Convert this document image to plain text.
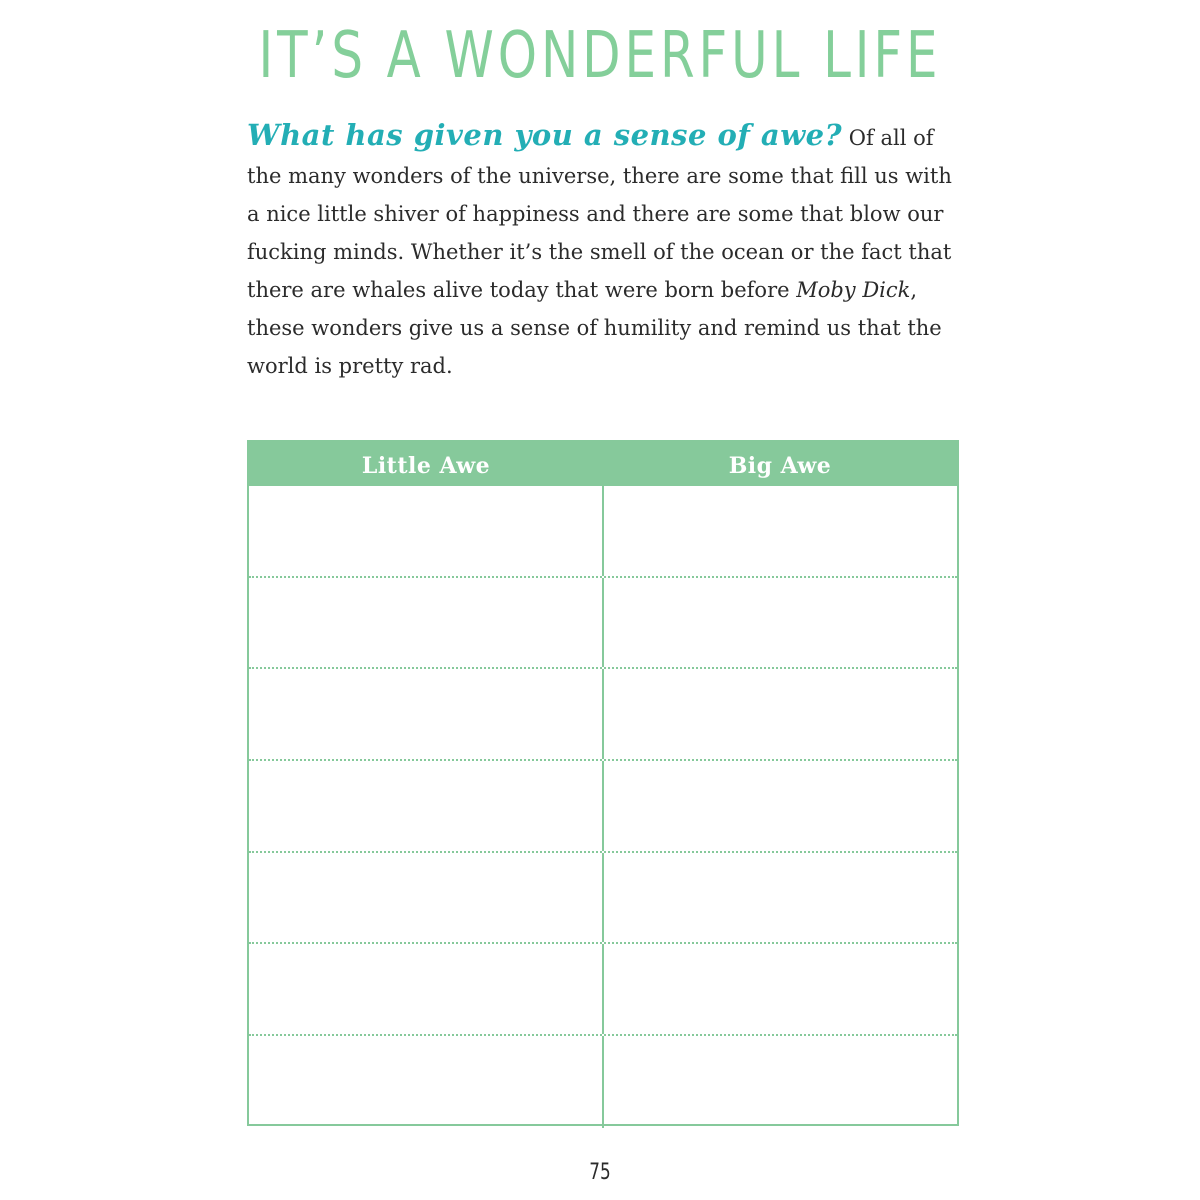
IT’S A WONDERFUL LIFE

What has given you a sense of awe? Of all of the many wonders of the universe, there are some that fill us with a nice little shiver of happiness and there are some that blow our fucking minds. Whether it’s the smell of the ocean or the fact that there are whales alive today that were born before Moby Dick, these wonders give us a sense of humility and remind us that the world is pretty rad.

Little Awe	Big Awe
75
